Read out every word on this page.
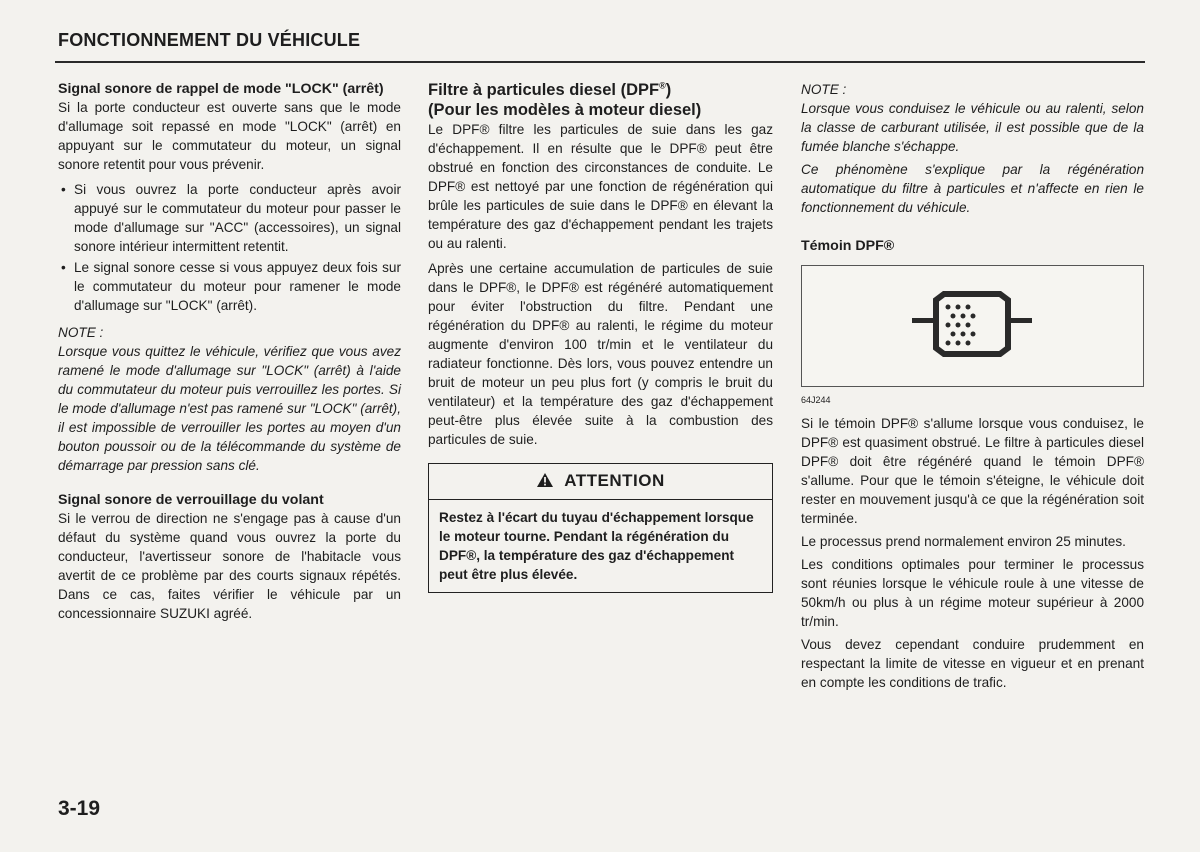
FONCTIONNEMENT DU VÉHICULE
Signal sonore de rappel de mode "LOCK" (arrêt)

Si la porte conducteur est ouverte sans que le mode d'allumage soit repassé en mode "LOCK" (arrêt) en appuyant sur le commutateur du moteur, un signal sonore retentit pour vous prévenir.

• Si vous ouvrez la porte conducteur après avoir appuyé sur le commutateur du moteur pour passer le mode d'allumage sur "ACC" (accessoires), un signal sonore intérieur intermittent retentit.
• Le signal sonore cesse si vous appuyez deux fois sur le commutateur du moteur pour ramener le mode d'allumage sur "LOCK" (arrêt).

NOTE :

Lorsque vous quittez le véhicule, vérifiez que vous avez ramené le mode d'allumage sur "LOCK" (arrêt) à l'aide du commutateur du moteur puis verrouillez les portes. Si le mode d'allumage n'est pas ramené sur "LOCK" (arrêt), il est impossible de verrouiller les portes au moyen d'un bouton poussoir ou de la télécommande du système de démarrage par pression sans clé.

Signal sonore de verrouillage du volant

Si le verrou de direction ne s'engage pas à cause d'un défaut du système quand vous ouvrez la porte du conducteur, l'avertisseur sonore de l'habitacle vous avertit de ce problème par des courts signaux répétés. Dans ce cas, faites vérifier le véhicule par un concessionnaire SUZUKI agréé.

Filtre à particules diesel (DPF®)
(Pour les modèles à moteur diesel)

Le DPF® filtre les particules de suie dans les gaz d'échappement. Il en résulte que le DPF® peut être obstrué en fonction des circonstances de conduite. Le DPF® est nettoyé par une fonction de régénération qui brûle les particules de suie dans le DPF® en élevant la température des gaz d'échappement pendant les trajets ou au ralenti.

Après une certaine accumulation de particules de suie dans le DPF®, le DPF® est régénéré automatiquement pour éviter l'obstruction du filtre. Pendant une régénération du DPF® au ralenti, le régime du moteur augmente d'environ 100 tr/min et le ventilateur du radiateur fonctionne. Dès lors, vous pouvez entendre un bruit de moteur un peu plus fort (y compris le bruit du ventilateur) et la température des gaz d'échappement peut-être plus élevée suite à la combustion des particules de suie.

ATTENTION
Restez à l'écart du tuyau d'échappement lorsque le moteur tourne. Pendant la régénération du DPF®, la température des gaz d'échappement peut être plus élevée.

NOTE :

Lorsque vous conduisez le véhicule ou au ralenti, selon la classe de carburant utilisée, il est possible que de la fumée blanche s'échappe.

Ce phénomène s'explique par la régénération automatique du filtre à particules et n'affecte en rien le fonctionnement du véhicule.

Témoin DPF®

64J244

Si le témoin DPF® s'allume lorsque vous conduisez, le DPF® est quasiment obstrué. Le filtre à particules diesel DPF® doit être régénéré quand le témoin DPF® s'allume. Pour que le témoin s'éteigne, le véhicule doit rester en mouvement jusqu'à ce que la régénération soit terminée.

Le processus prend normalement environ 25 minutes.

Les conditions optimales pour terminer le processus sont réunies lorsque le véhicule roule à une vitesse de 50km/h ou plus à un régime moteur supérieur à 2000 tr/min.

Vous devez cependant conduire prudemment en respectant la limite de vitesse en vigueur et en prenant en compte les conditions de trafic.

3-19
